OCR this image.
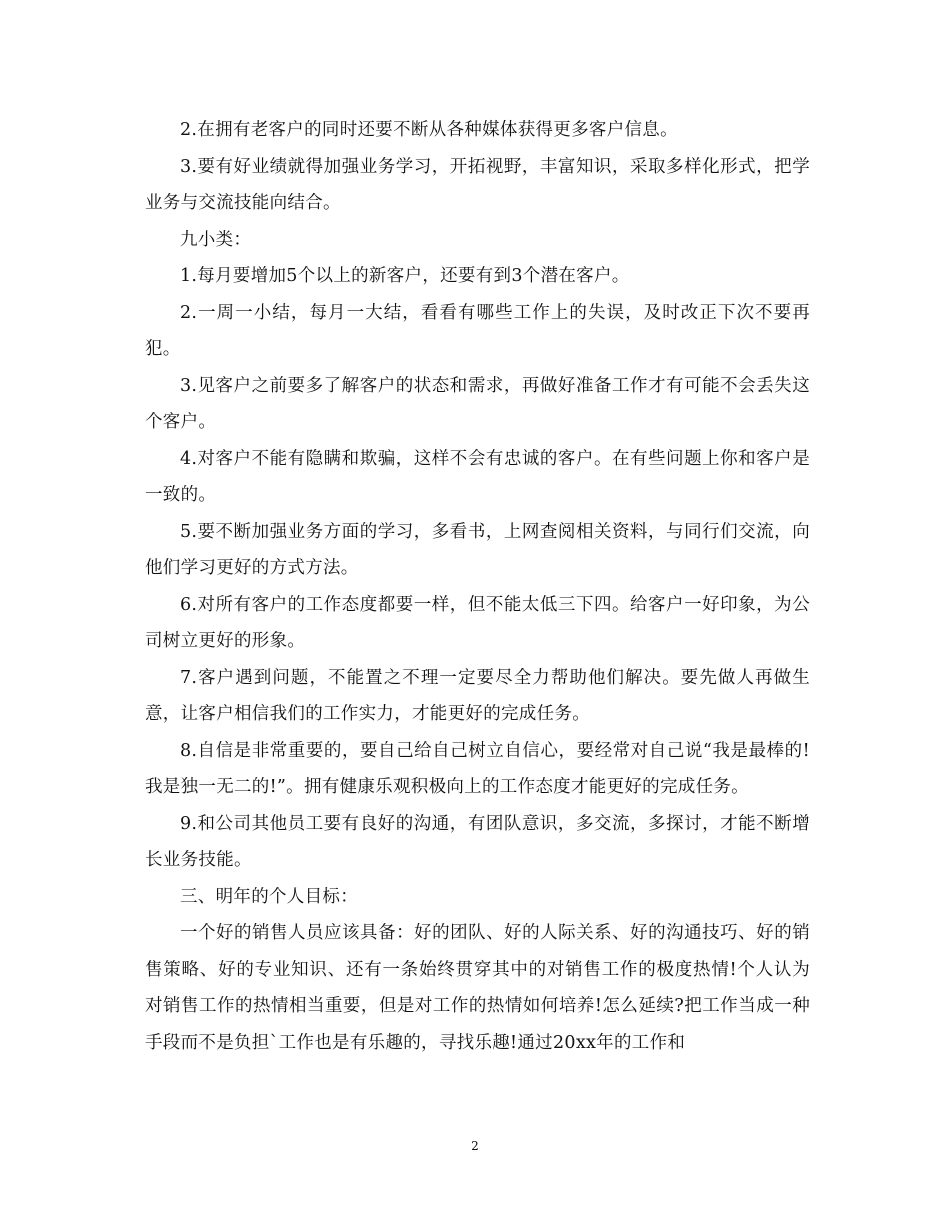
2.在拥有老客户的同时还要不断从各种媒体获得更多客户信息。

3.要有好业绩就得加强业务学习，开拓视野，丰富知识，采取多样化形式，把学业务与交流技能向结合。

九小类：

1.每月要增加5个以上的新客户，还要有到3个潜在客户。

2.一周一小结，每月一大结，看看有哪些工作上的失误，及时改正下次不要再犯。

3.见客户之前要多了解客户的状态和需求，再做好准备工作才有可能不会丢失这个客户。

4.对客户不能有隐瞒和欺骗，这样不会有忠诚的客户。在有些问题上你和客户是一致的。

5.要不断加强业务方面的学习，多看书，上网查阅相关资料，与同行们交流，向他们学习更好的方式方法。

6.对所有客户的工作态度都要一样，但不能太低三下四。给客户一好印象，为公司树立更好的形象。

7.客户遇到问题，不能置之不理一定要尽全力帮助他们解决。要先做人再做生意，让客户相信我们的工作实力，才能更好的完成任务。

8.自信是非常重要的，要自己给自己树立自信心，要经常对自己说“我是最棒的!我是独一无二的!”。拥有健康乐观积极向上的工作态度才能更好的完成任务。

9.和公司其他员工要有良好的沟通，有团队意识，多交流，多探讨，才能不断增长业务技能。

三、明年的个人目标：

一个好的销售人员应该具备：好的团队、好的人际关系、好的沟通技巧、好的销售策略、好的专业知识、还有一条始终贯穿其中的对销售工作的极度热情!个人认为对销售工作的热情相当重要，但是对工作的热情如何培养!怎么延续?把工作当成一种手段而不是负担`工作也是有乐趣的，寻找乐趣!通过20xx年的工作和

2
